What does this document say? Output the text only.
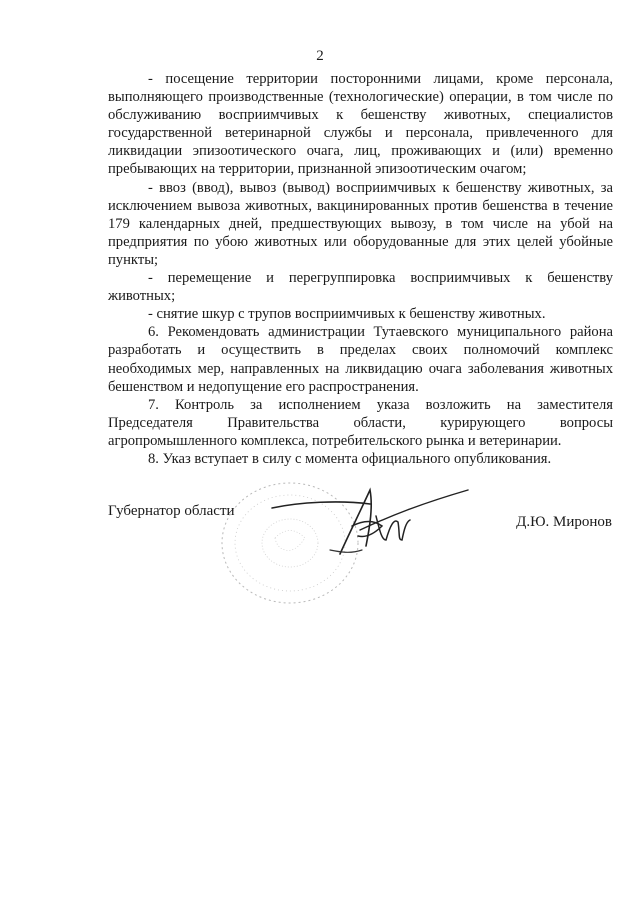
2

- посещение территории посторонними лицами, кроме персонала, выполняющего производственные (технологические) операции, в том числе по обслуживанию восприимчивых к бешенству животных, специалистов государственной ветеринарной службы и персонала, привлеченного для ликвидации эпизоотического очага, лиц, проживающих и (или) временно пребывающих на территории, признанной эпизоотическим очагом;

- ввоз (ввод), вывоз (вывод) восприимчивых к бешенству животных, за исключением вывоза животных, вакцинированных против бешенства в течение 179 календарных дней, предшествующих вывозу, в том числе на убой на предприятия по убою животных или оборудованные для этих целей убойные пункты;

- перемещение и перегруппировка восприимчивых к бешенству животных;

- снятие шкур с трупов восприимчивых к бешенству животных.

6. Рекомендовать администрации Тутаевского муниципального района разработать и осуществить в пределах своих полномочий комплекс необходимых мер, направленных на ликвидацию очага заболевания животных бешенством и недопущение его распространения.

7. Контроль за исполнением указа возложить на заместителя Председателя Правительства области, курирующего вопросы агропромышленного комплекса, потребительского рынка и ветеринарии.

8. Указ вступает в силу с момента официального опубликования.

Губернатор области
Д.Ю. Миронов
